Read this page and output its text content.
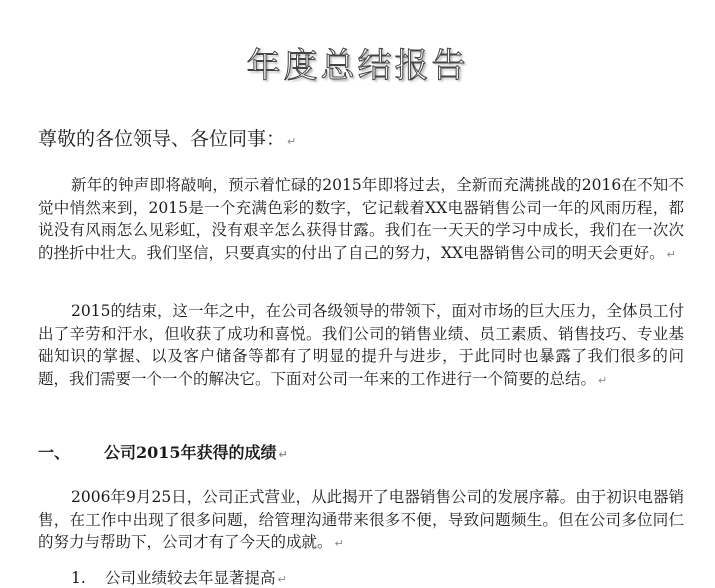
年度总结报告
尊敬的各位领导、各位同事： ↵
新年的钟声即将敲响，预示着忙碌的2015年即将过去，全新而充满挑战的2016在不知不觉中悄然来到，2015是一个充满色彩的数字，它记载着XX电器销售公司一年的风雨历程，都说没有风雨怎么见彩虹，没有艰辛怎么获得甘露。我们在一天天的学习中成长，我们在一次次的挫折中壮大。我们坚信，只要真实的付出了自己的努力，XX电器销售公司的明天会更好。 ↵
2015的结束，这一年之中，在公司各级领导的带领下，面对市场的巨大压力，全体员工付出了辛劳和汗水，但收获了成功和喜悦。我们公司的销售业绩、员工素质、销售技巧、专业基础知识的掌握、以及客户储备等都有了明显的提升与进步，于此同时也暴露了我们很多的问题，我们需要一个一个的解决它。下面对公司一年来的工作进行一个简要的总结。 ↵
一、 公司2015年获得的成绩 ↵
2006年9月25日，公司正式营业，从此揭开了电器销售公司的发展序幕。由于初识电器销售，在工作中出现了很多问题，给管理沟通带来很多不便，导致问题频生。但在公司多位同仁的努力与帮助下，公司才有了今天的成就。 ↵
1. 公司业绩较去年显著提高 ↵
